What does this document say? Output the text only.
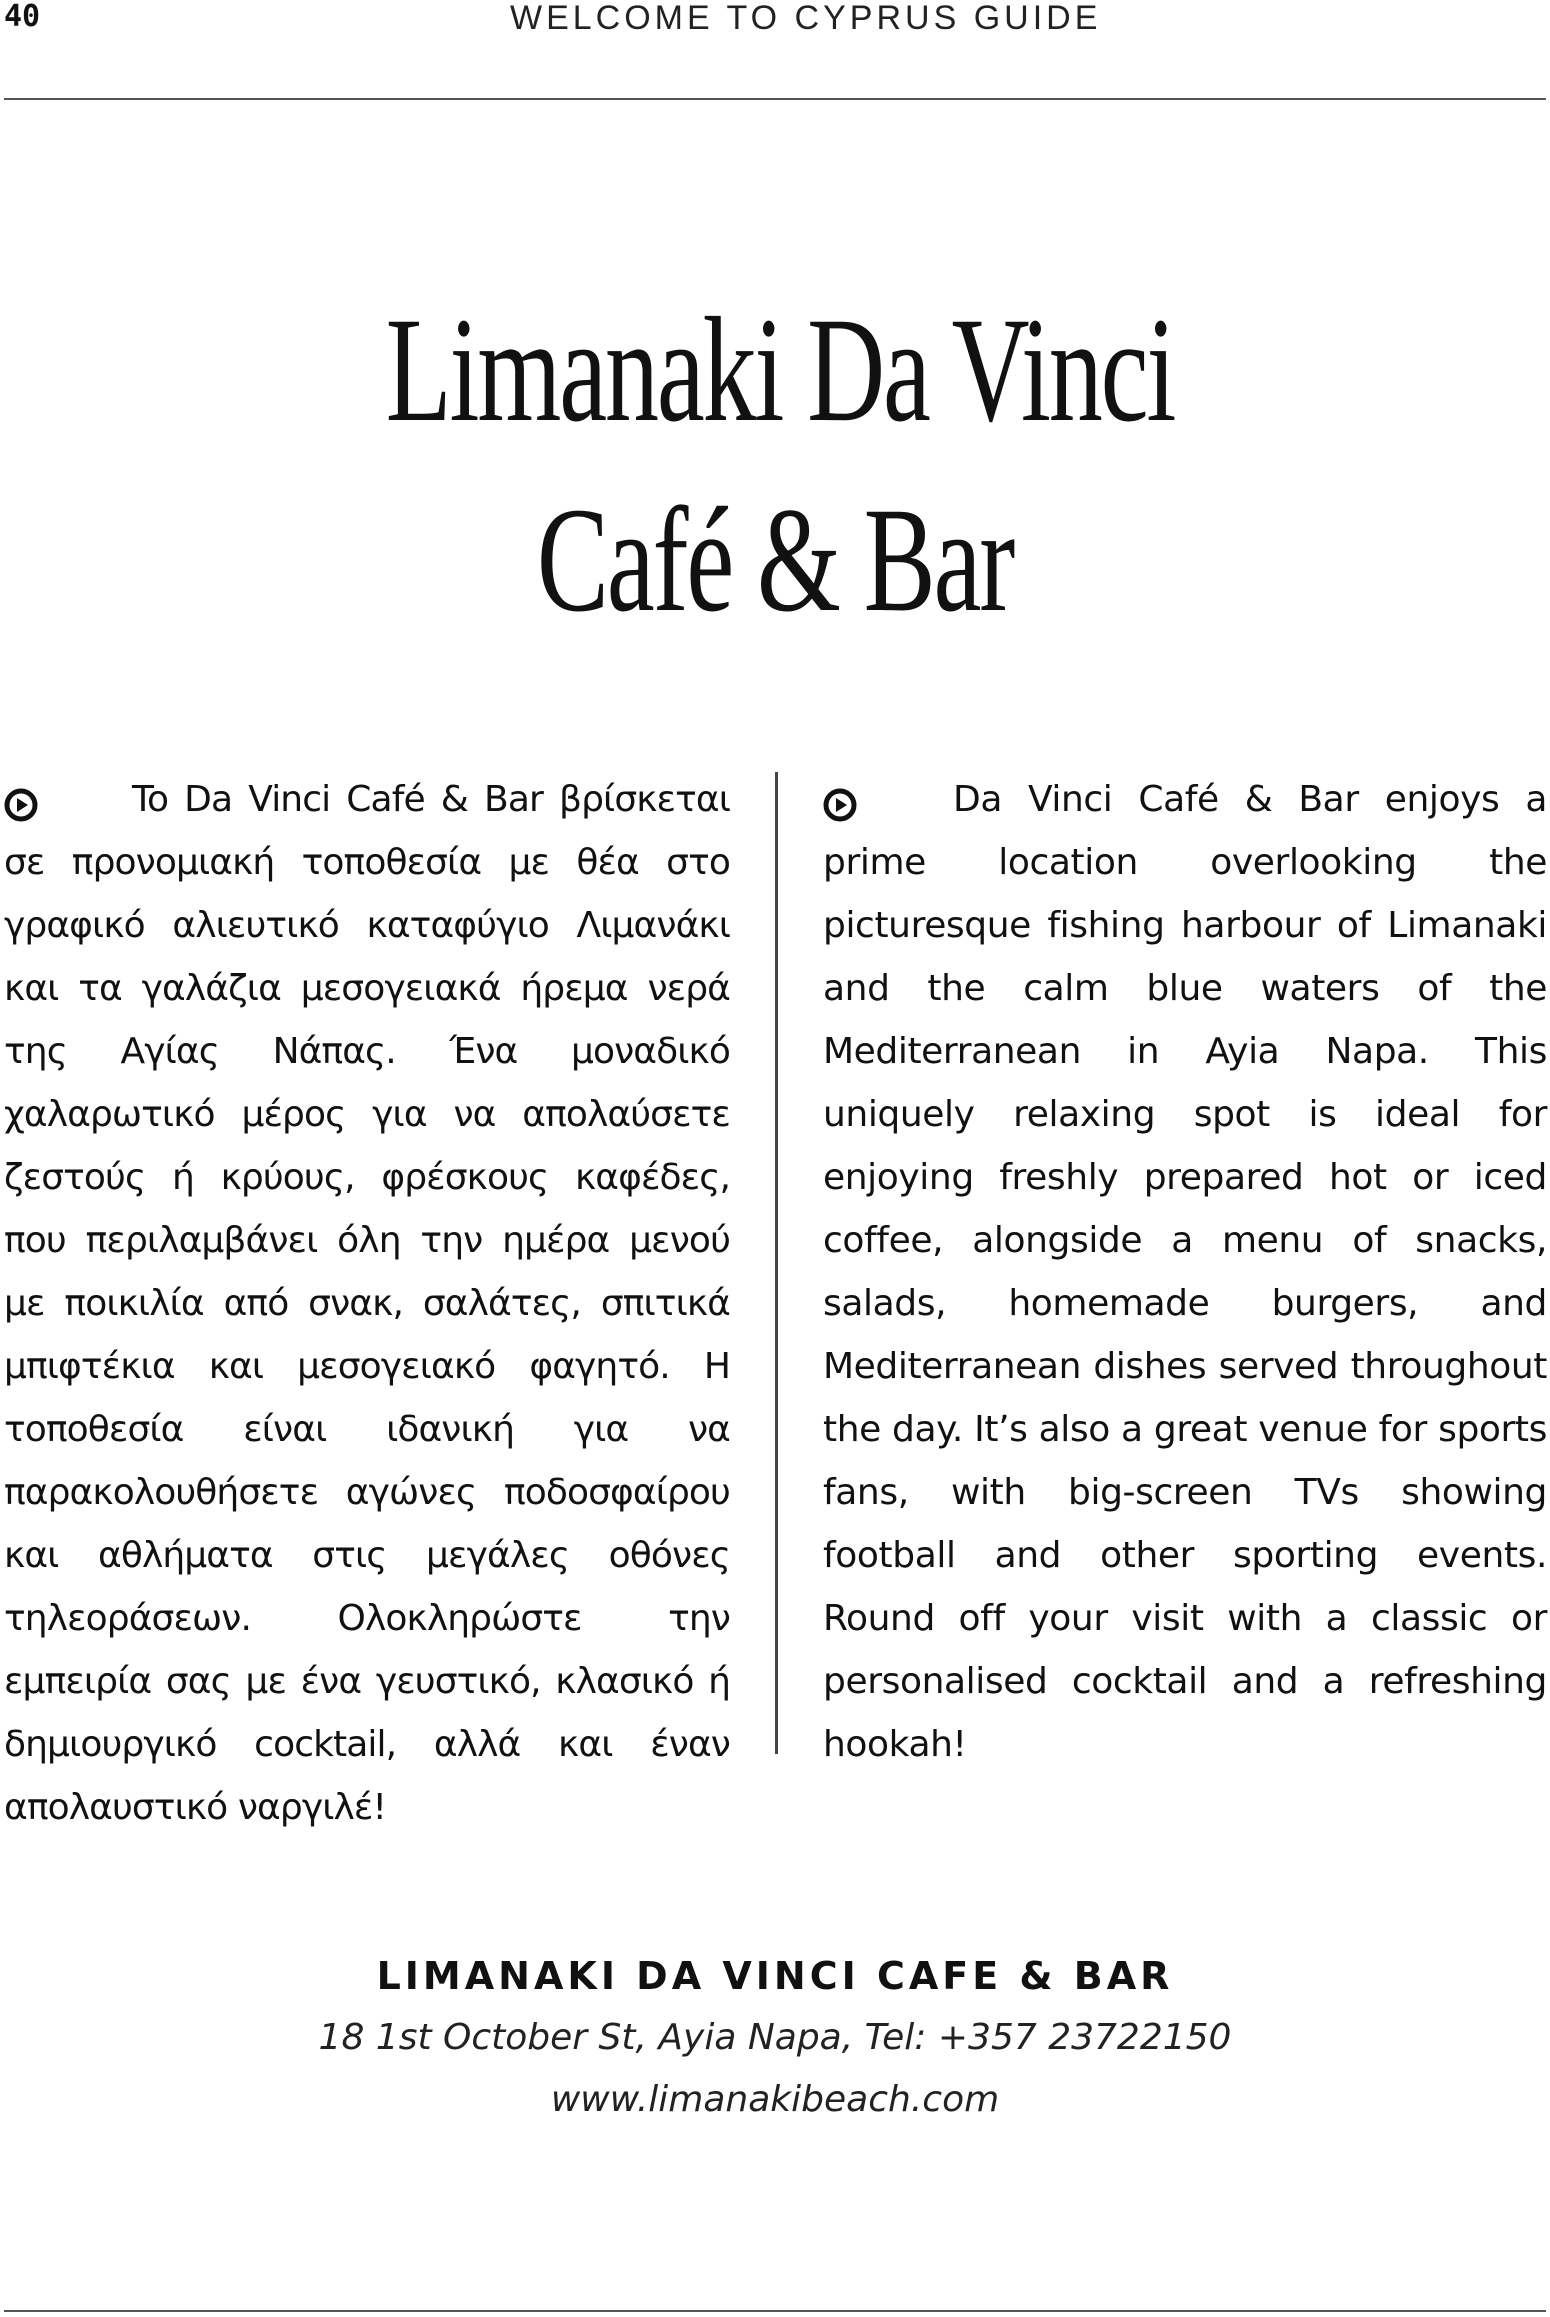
40	WELCOME TO CYPRUS GUIDE
Limanaki Da Vinci
Café & Bar

To Da Vinci Café & Bar βρίσκεται σε προνομιακή τοποθεσία με θέα στο γραφικό αλιευτικό καταφύγιο Λιμανάκι και τα γαλάζια μεσογειακά ήρεμα νερά της Αγίας Νάπας. Ένα μοναδικό χαλαρωτικό μέρος για να απολαύσετε ζεστούς ή κρύους, φρέσκους καφέδες, που περιλαμβάνει όλη την ημέρα μενού με ποικιλία από σνακ, σαλάτες, σπιτικά μπιφτέκια και μεσογειακό φαγητό. Η τοποθεσία είναι ιδανική για να παρακολουθήσετε αγώνες ποδοσφαίρου και αθλήματα στις μεγάλες οθόνες τηλεοράσεων. Ολοκληρώστε την εμπειρία σας με ένα γευστικό, κλασικό ή δημιουργικό cocktail, αλλά και έναν απολαυστικό ναργιλέ!

Da Vinci Café & Bar enjoys a prime location overlooking the picturesque fishing harbour of Limanaki and the calm blue waters of the Mediterranean in Ayia Napa. This uniquely relaxing spot is ideal for enjoying freshly prepared hot or iced coffee, alongside a menu of snacks, salads, homemade burgers, and Mediterranean dishes served throughout the day. It’s also a great venue for sports fans, with big-screen TVs showing football and other sporting events. Round off your visit with a classic or personalised cocktail and a refreshing hookah!

LIMANAKI DA VINCI CAFE & BAR
18 1st October St, Ayia Napa, Tel: +357 23722150
www.limanakibeach.com
